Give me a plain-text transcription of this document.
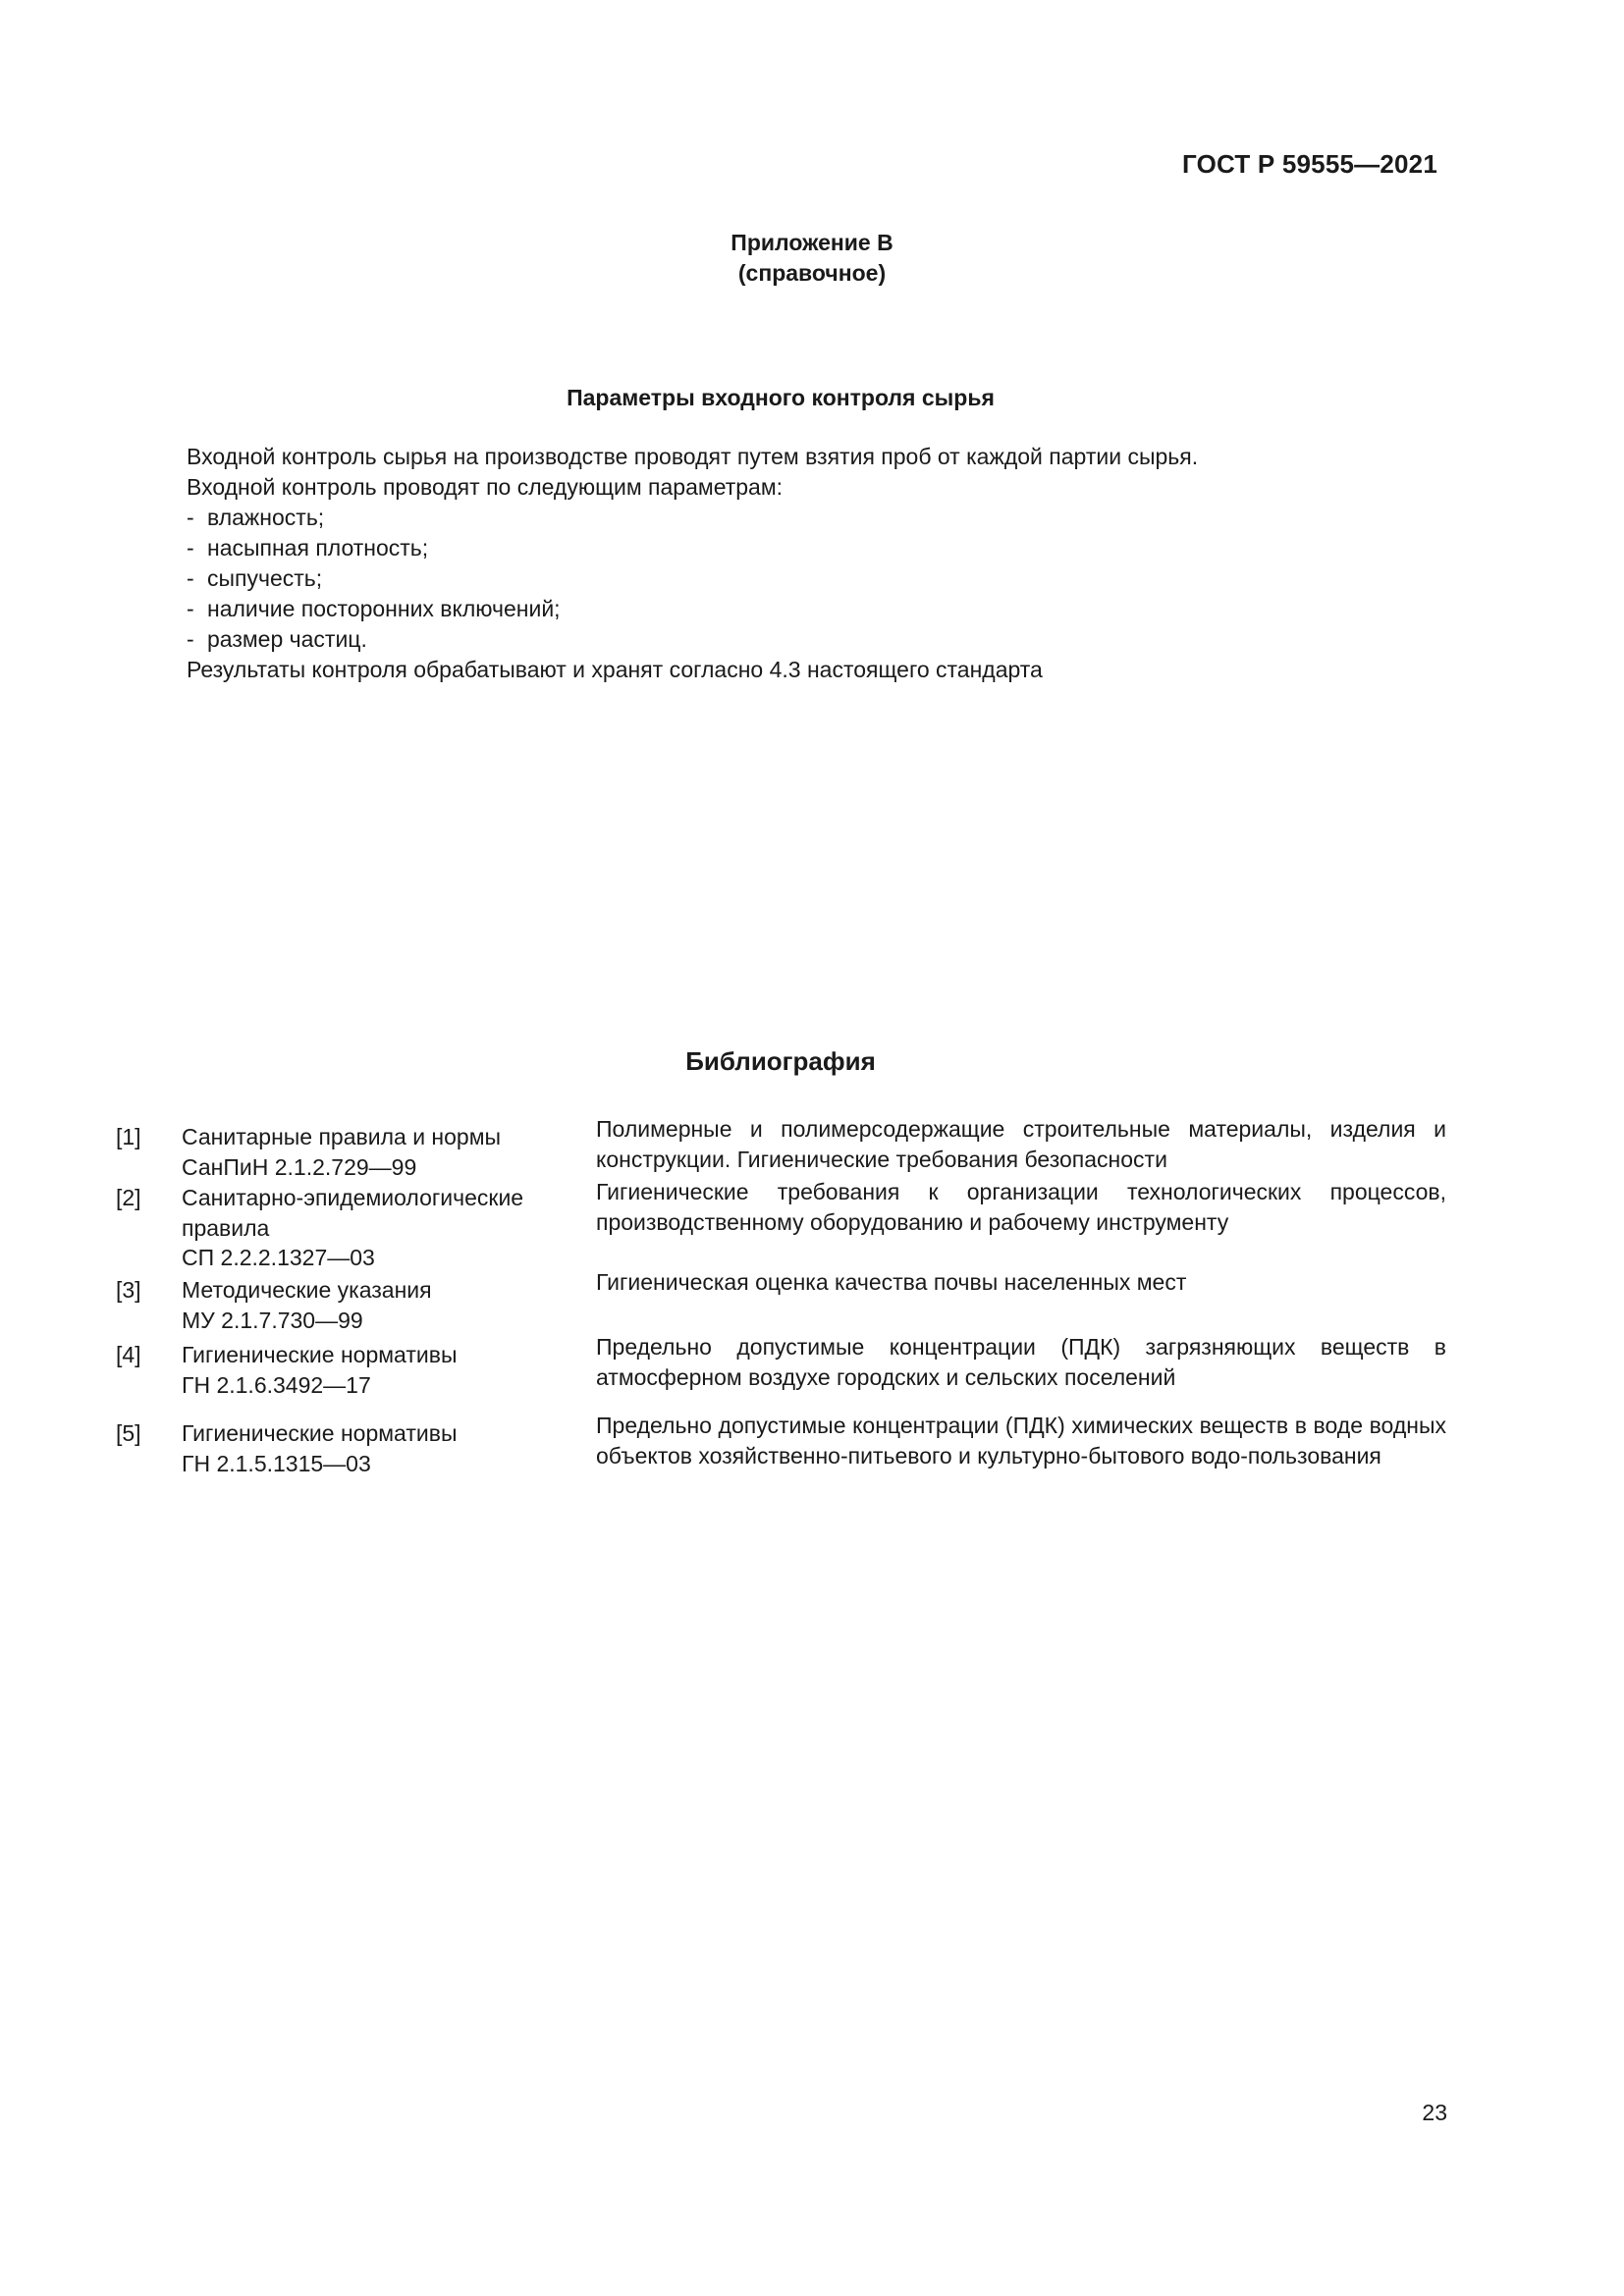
ГОСТ Р 59555—2021
Приложение В
(справочное)
Параметры входного контроля сырья

Входной контроль сырья на производстве проводят путем взятия проб от каждой партии сырья.

Входной контроль проводят по следующим параметрам:

- влажность;
- насыпная плотность;
- сыпучесть;
- наличие посторонних включений;
- размер частиц.

Результаты контроля обрабатывают и хранят согласно 4.3 настоящего стандарта

Библиография
[1] Санитарные правила и нормы
СанПиН 2.1.2.729—99
Полимерные и полимерсодержащие строительные материалы, изделия и конструкции. Гигиенические требования безопасности
[2] Санитарно-эпидемиологические
правила
СП 2.2.2.1327—03
Гигиенические требования к организации технологических процессов, производственному оборудованию и рабочему инструменту
[3] Методические указания
МУ 2.1.7.730—99
Гигиеническая оценка качества почвы населенных мест
[4] Гигиенические нормативы
ГН 2.1.6.3492—17
Предельно допустимые концентрации (ПДК) загрязняющих веществ в атмосферном воздухе городских и сельских поселений
[5] Гигиенические нормативы
ГН 2.1.5.1315—03
Предельно допустимые концентрации (ПДК) химических веществ в воде водных объектов хозяйственно-питьевого и культурно-бытового водо-пользования
23
